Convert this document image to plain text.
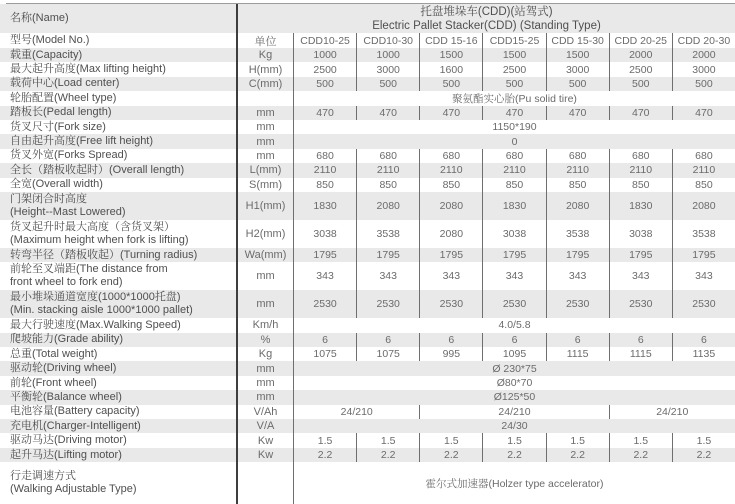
名称(Name)
托盘堆垛车(CDD)(站驾式)
Electric Pallet Stacker(CDD) (Standing Type)
型号(Model No.)	单位	CDD10-25	CDD10-30	CDD 15-16	CDD15-25	CDD 15-30	CDD 20-25	CDD 20-30
载重(Capacity)	Kg	1000	1000	1500	1500	1500	2000	2000
最大起升高度(Max lifting height)	H(mm)	2500	3000	1600	2500	3000	2500	3000
载荷中心(Load center)	C(mm)	500	500	500	500	500	500	500
轮胎配置(Wheel type)	聚氨酯实心胎(Pu solid tire)
踏板长(Pedal length)	mm	470	470	470	470	470	470	470
货叉尺寸(Fork size)	mm	1150*190
自由起升高度(Free lift height)	mm	0
货叉外宽(Forks Spread)	mm	680	680	680	680	680	680	680
全长（踏板收起时）(Overall length)	L(mm)	2110	2110	2110	2110	2110	2110	2110
全宽(Overall width)	S(mm)	850	850	850	850	850	850	850
门架闭合时高度
(Height--Mast Lowered)	H1(mm)	1830	2080	2080	1830	2080	1830	2080
货叉起升时最大高度（含货叉架）
(Maximum height when fork is lifting)	H2(mm)	3038	3538	2080	3038	3538	3038	3538
转弯半径（踏板收起）(Turning radius)	Wa(mm)	1795	1795	1795	1795	1795	1795	1795
前轮至叉端距(The distance from
front wheel to fork end)	mm	343	343	343	343	343	343	343
最小堆垛通道宽度(1000*1000托盘)
(Min. stacking aisle 1000*1000 pallet)	mm	2530	2530	2530	2530	2530	2530	2530
最大行驶速度(Max.Walking Speed)	Km/h	4.0/5.8
爬坡能力(Grade ability)	%	6	6	6	6	6	6	6
总重(Total weight)	Kg	1075	1075	995	1095	1115	1115	1135
驱动轮(Driving wheel)	mm	Ø 230*75
前轮(Front wheel)	mm	Ø80*70
平衡轮(Balance wheel)	mm	Ø125*50
电池容量(Battery capacity)	V/Ah	24/210	24/210	24/210
充电机(Charger-Intelligent)	V/A	24/30
驱动马达(Driving motor)	Kw	1.5	1.5	1.5	1.5	1.5	1.5	1.5
起升马达(Lifting motor)	Kw	2.2	2.2	2.2	2.2	2.2	2.2	2.2
行走调速方式
(Walking Adjustable Type)	霍尔式加速器(Holzer type accelerator)
